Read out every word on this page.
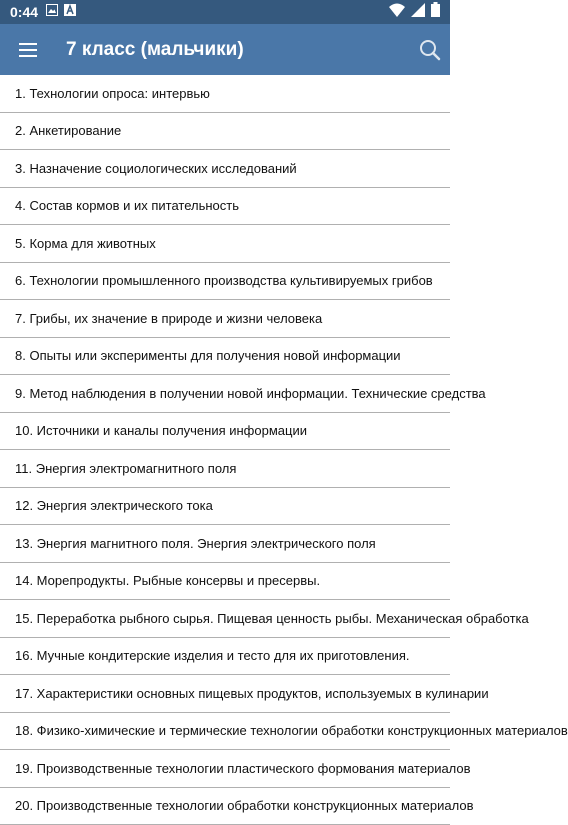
0:44
7 класс (мальчики)
1. Технологии опроса: интервью
2. Анкетирование
3. Назначение социологических исследований
4. Состав кормов и их питательность
5. Корма для животных
6. Технологии промышленного производства культивируемых грибов
7. Грибы, их значение в природе и жизни человека
8. Опыты или эксперименты для получения новой информации
9. Метод наблюдения в получении новой информации. Технические средства
10. Источники и каналы получения информации
11. Энергия электромагнитного поля
12. Энергия электрического тока
13. Энергия магнитного поля. Энергия электрического поля
14. Морепродукты. Рыбные консервы и пресервы.
15. Переработка рыбного сырья. Пищевая ценность рыбы. Механическая обработка
16. Мучные кондитерские изделия и тесто для их приготовления.
17. Характеристики основных пищевых продуктов, используемых в кулинарии
18. Физико-химические и термические технологии обработки конструкционных материалов
19. Производственные технологии пластического формования материалов
20. Производственные технологии обработки конструкционных материалов
